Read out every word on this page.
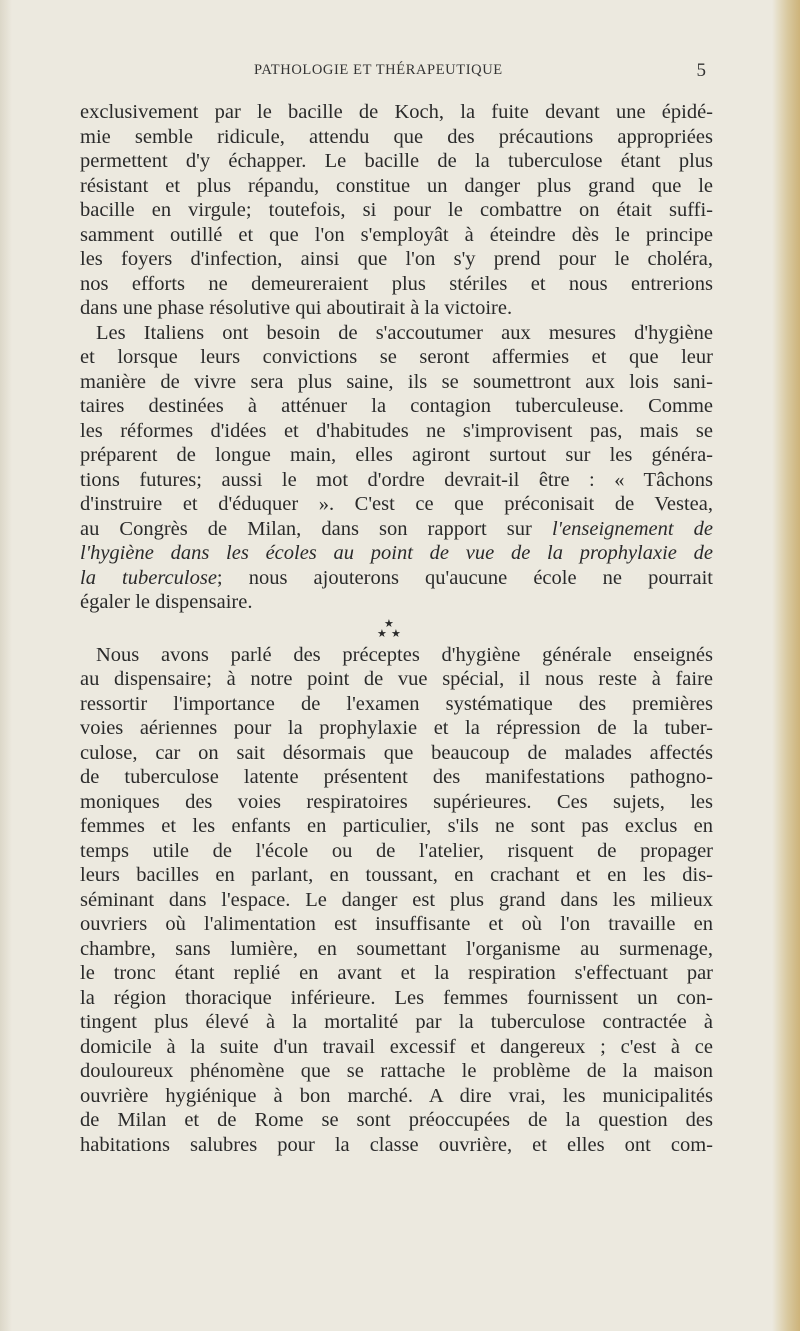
PATHOLOGIE ET THÉRAPEUTIQUE	5
exclusivement par le bacille de Koch, la fuite devant une épidé-
mie semble ridicule, attendu que des précautions appropriées
permettent d'y échapper. Le bacille de la tuberculose étant plus
résistant et plus répandu, constitue un danger plus grand que le
bacille en virgule; toutefois, si pour le combattre on était suffi-
samment outillé et que l'on s'employât à éteindre dès le principe
les foyers d'infection, ainsi que l'on s'y prend pour le choléra,
nos efforts ne demeureraient plus stériles et nous entrerions
dans une phase résolutive qui aboutirait à la victoire.
Les Italiens ont besoin de s'accoutumer aux mesures d'hygiène
et lorsque leurs convictions se seront affermies et que leur
manière de vivre sera plus saine, ils se soumettront aux lois sani-
taires destinées à atténuer la contagion tuberculeuse. Comme
les réformes d'idées et d'habitudes ne s'improvisent pas, mais se
préparent de longue main, elles agiront surtout sur les généra-
tions futures; aussi le mot d'ordre devrait-il être : « Tâchons
d'instruire et d'éduquer ». C'est ce que préconisait de Vestea,
au Congrès de Milan, dans son rapport sur l'enseignement de
l'hygiène dans les écoles au point de vue de la prophylaxie de
la tuberculose; nous ajouterons qu'aucune école ne pourrait
égaler le dispensaire.
★
★ ★
Nous avons parlé des préceptes d'hygiène générale enseignés
au dispensaire; à notre point de vue spécial, il nous reste à faire
ressortir l'importance de l'examen systématique des premières
voies aériennes pour la prophylaxie et la répression de la tuber-
culose, car on sait désormais que beaucoup de malades affectés
de tuberculose latente présentent des manifestations pathogno-
moniques des voies respiratoires supérieures. Ces sujets, les
femmes et les enfants en particulier, s'ils ne sont pas exclus en
temps utile de l'école ou de l'atelier, risquent de propager
leurs bacilles en parlant, en toussant, en crachant et en les dis-
séminant dans l'espace. Le danger est plus grand dans les milieux
ouvriers où l'alimentation est insuffisante et où l'on travaille en
chambre, sans lumière, en soumettant l'organisme au surmenage,
le tronc étant replié en avant et la respiration s'effectuant par
la région thoracique inférieure. Les femmes fournissent un con-
tingent plus élevé à la mortalité par la tuberculose contractée à
domicile à la suite d'un travail excessif et dangereux ; c'est à ce
douloureux phénomène que se rattache le problème de la maison
ouvrière hygiénique à bon marché. A dire vrai, les municipalités
de Milan et de Rome se sont préoccupées de la question des
habitations salubres pour la classe ouvrière, et elles ont com-
